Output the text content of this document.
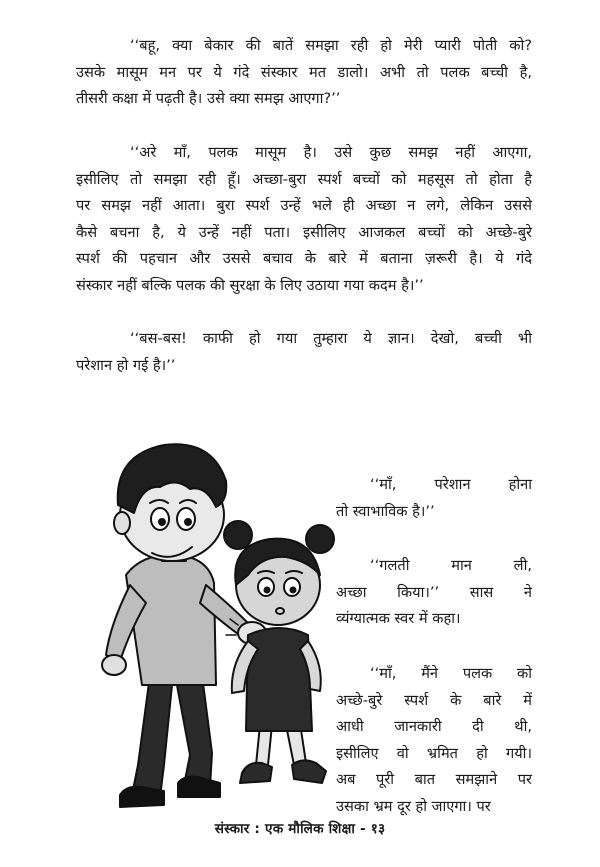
‘‘बहू, क्या बेकार की बातें समझा रही हो मेरी प्यारी पोती को?
उसके मासूम मन पर ये गंदे संस्कार मत डालो। अभी तो पलक बच्ची है,
तीसरी कक्षा में पढ़ती है। उसे क्या समझ आएगा?’’

‘‘अरे माँ, पलक मासूम है। उसे कुछ समझ नहीं आएगा,
इसीलिए तो समझा रही हूँ। अच्छा-बुरा स्पर्श बच्चों को महसूस तो होता है
पर समझ नहीं आता। बुरा स्पर्श उन्हें भले ही अच्छा न लगे, लेकिन उससे
कैसे बचना है, ये उन्हें नहीं पता। इसीलिए आजकल बच्चों को अच्छे-बुरे
स्पर्श की पहचान और उससे बचाव के बारे में बताना ज़रूरी है। ये गंदे
संस्कार नहीं बल्कि पलक की सुरक्षा के लिए उठाया गया कदम है।’’

‘‘बस-बस! काफी हो गया तुम्हारा ये ज्ञान। देखो, बच्ची भी
परेशान हो गई है।’’

‘‘माँ, परेशान होना
तो स्वाभाविक है।’’

‘‘गलती मान ली,
अच्छा किया।’’ सास ने
व्यंग्यात्मक स्वर में कहा।

‘‘माँ, मैंने पलक को
अच्छे-बुरे स्पर्श के बारे में
आधी जानकारी दी थी,
इसीलिए वो भ्रमित हो गयी।
अब पूरी बात समझाने पर
उसका भ्रम दूर हो जाएगा। पर

संस्कार : एक मौलिक शिक्षा - १३
